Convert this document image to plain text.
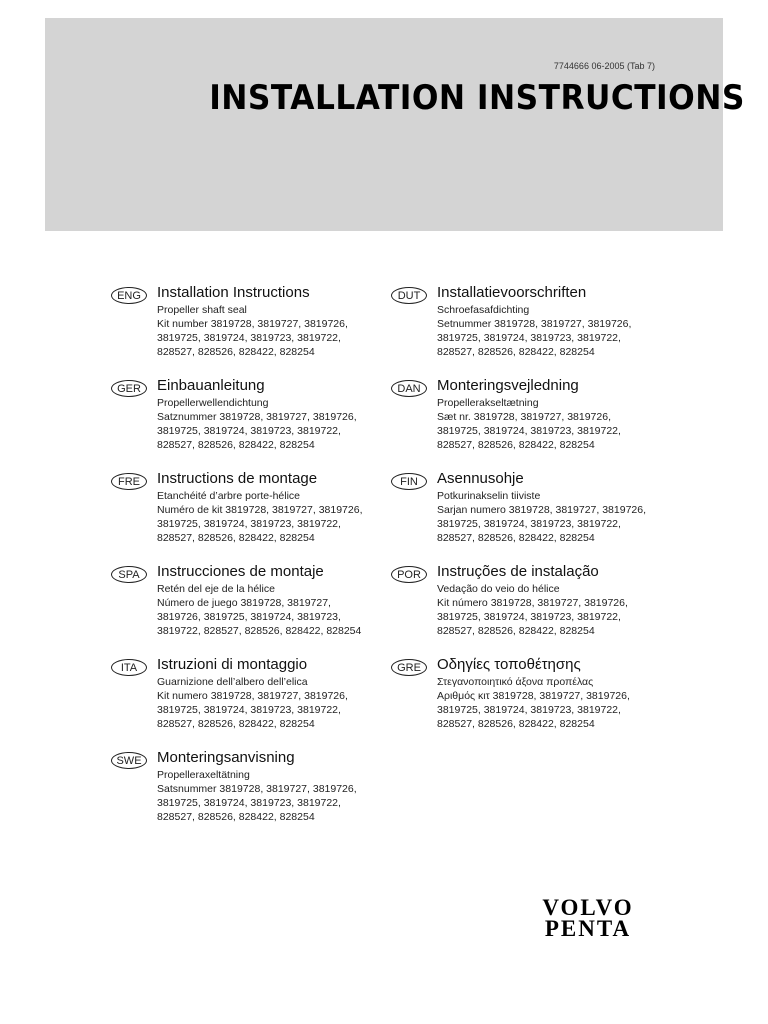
7744666 06-2005 (Tab 7)
INSTALLATION INSTRUCTIONS
ENG	Installation Instructions
Propeller shaft seal
Kit number 3819728, 3819727, 3819726,
3819725, 3819724, 3819723, 3819722,
828527, 828526, 828422, 828254
GER	Einbauanleitung
Propellerwellendichtung
Satznummer 3819728, 3819727, 3819726,
3819725, 3819724, 3819723, 3819722,
828527, 828526, 828422, 828254
FRE	Instructions de montage
Etanchéité d’arbre porte-hélice
Numéro de kit 3819728, 3819727, 3819726,
3819725, 3819724, 3819723, 3819722,
828527, 828526, 828422, 828254
SPA	Instrucciones de montaje
Retén del eje de la hélice
Número de juego 3819728, 3819727,
3819726, 3819725, 3819724, 3819723,
3819722, 828527, 828526, 828422, 828254
ITA	Istruzioni di montaggio
Guarnizione dell’albero dell’elica
Kit numero 3819728, 3819727, 3819726,
3819725, 3819724, 3819723, 3819722,
828527, 828526, 828422, 828254
SWE	Monteringsanvisning
Propelleraxeltätning
Satsnummer 3819728, 3819727, 3819726,
3819725, 3819724, 3819723, 3819722,
828527, 828526, 828422, 828254
DUT	Installatievoorschriften
Schroefasafdichting
Setnummer 3819728, 3819727, 3819726,
3819725, 3819724, 3819723, 3819722,
828527, 828526, 828422, 828254
DAN	Monteringsvejledning
Propellerakseltætning
Sæt nr. 3819728, 3819727, 3819726,
3819725, 3819724, 3819723, 3819722,
828527, 828526, 828422, 828254
FIN	Asennusohje
Potkurinakselin tiiviste
Sarjan numero 3819728, 3819727, 3819726,
3819725, 3819724, 3819723, 3819722,
828527, 828526, 828422, 828254
POR	Instruções de instalação
Vedação do veio do hélice
Kit número 3819728, 3819727, 3819726,
3819725, 3819724, 3819723, 3819722,
828527, 828526, 828422, 828254
GRE	Οδηγίες τοποθέτησης
Στεγανοποιητικό άξονα προπέλας
Αριθμός κιτ 3819728, 3819727, 3819726,
3819725, 3819724, 3819723, 3819722,
828527, 828526, 828422, 828254
VOLVO
PENTA
